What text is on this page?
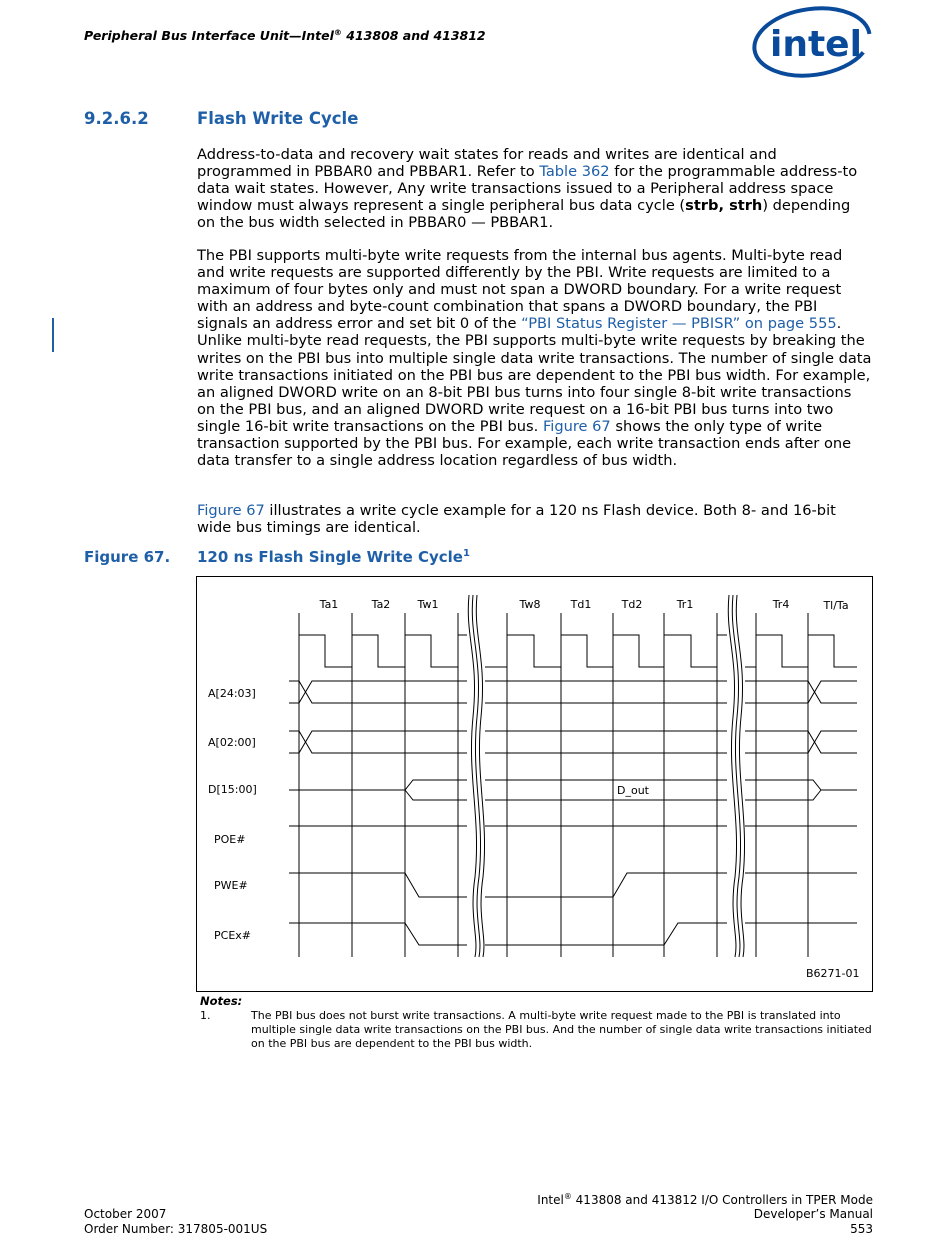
Peripheral Bus Interface Unit—Intel® 413808 and 413812	intel
9.2.6.2	Flash Write Cycle
Address-to-data and recovery wait states for reads and writes are identical and programmed in PBBAR0 and PBBAR1. Refer to Table 362 for the programmable address-to data wait states. However, Any write transactions issued to a Peripheral address space window must always represent a single peripheral bus data cycle (strb, strh) depending on the bus width selected in PBBAR0 — PBBAR1.
The PBI supports multi-byte write requests from the internal bus agents. Multi-byte read and write requests are supported differently by the PBI. Write requests are limited to a maximum of four bytes only and must not span a DWORD boundary. For a write request with an address and byte-count combination that spans a DWORD boundary, the PBI signals an address error and set bit 0 of the “PBI Status Register — PBISR” on page 555. Unlike multi-byte read requests, the PBI supports multi-byte write requests by breaking the writes on the PBI bus into multiple single data write transactions. The number of single data write transactions initiated on the PBI bus are dependent to the PBI bus width. For example, an aligned DWORD write on an 8-bit PBI bus turns into four single 8-bit write transactions on the PBI bus, and an aligned DWORD write request on a 16-bit PBI bus turns into two single 16-bit write transactions on the PBI bus. Figure 67 shows the only type of write transaction supported by the PBI bus. For example, each write transaction ends after one data transfer to a single address location regardless of bus width.
Figure 67 illustrates a write cycle example for a 120 ns Flash device. Both 8- and 16-bit wide bus timings are identical.
Figure 67. 120 ns Flash Single Write Cycle$^1$
Ta1	Ta2 Tw1	Tw8	Td1	Td2	Tr1	Tr4	Tl/Ta
A[24:03]
A[02:00]
D[15:00]
POE#
PWE#
PCEx#
D_out
B6271-01
Notes:
1.	The PBI bus does not burst write transactions. A multi-byte write request made to the PBI is translated into multiple single data write transactions on the PBI bus. And the number of single data write transactions initiated on the PBI bus are dependent to the PBI bus width.
Intel® 413808 and 413812 I/O Controllers in TPER Mode
October 2007	Developer’s Manual
Order Number: 317805-001US	553
